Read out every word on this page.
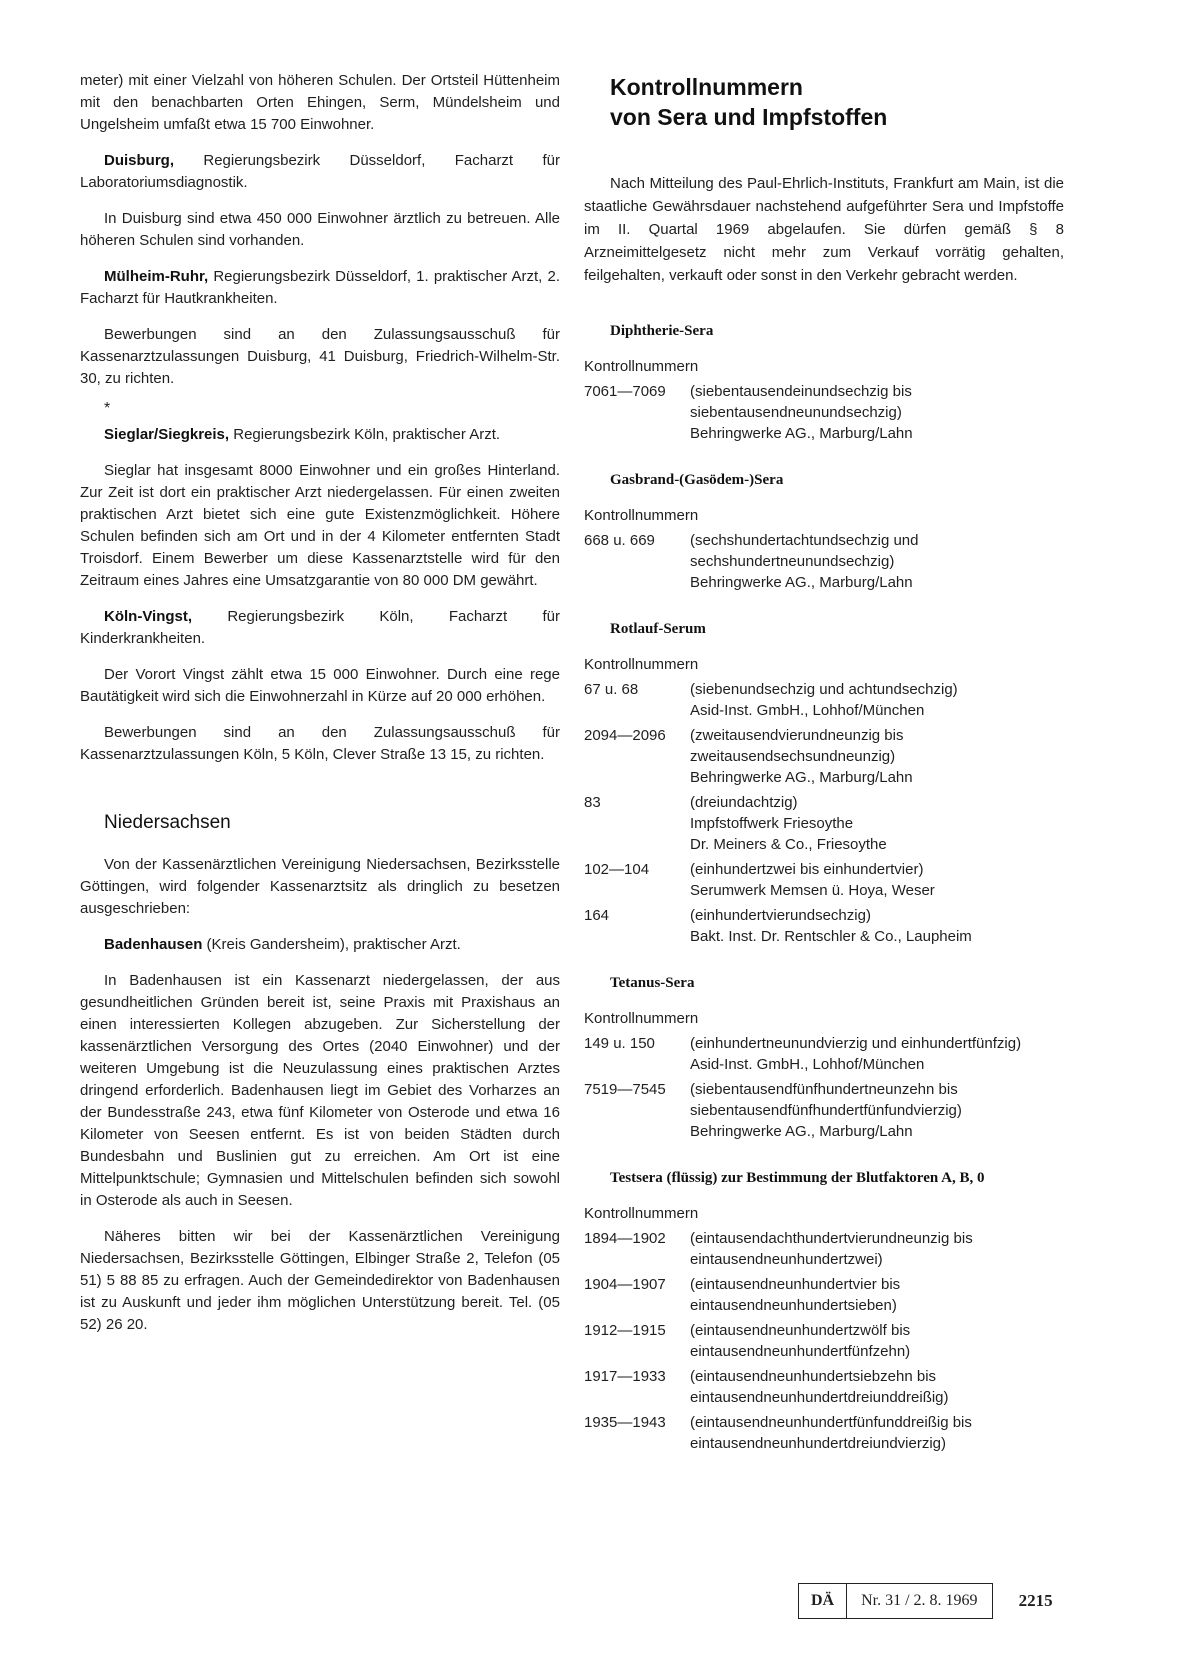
meter) mit einer Vielzahl von höheren Schulen. Der Ortsteil Hüttenheim mit den benachbarten Orten Ehingen, Serm, Mündelsheim und Ungelsheim umfaßt etwa 15 700 Einwohner.

Duisburg, Regierungsbezirk Düsseldorf, Facharzt für Laboratoriumsdiagnostik.

In Duisburg sind etwa 450 000 Einwohner ärztlich zu betreuen. Alle höheren Schulen sind vorhanden.

Mülheim-Ruhr, Regierungsbezirk Düsseldorf, 1. praktischer Arzt, 2. Facharzt für Hautkrankheiten.

Bewerbungen sind an den Zulassungsausschuß für Kassenarztzulassungen Duisburg, 41 Duisburg, Friedrich-Wilhelm-Str. 30, zu richten.

*

Sieglar/Siegkreis, Regierungsbezirk Köln, praktischer Arzt.

Sieglar hat insgesamt 8000 Einwohner und ein großes Hinterland. Zur Zeit ist dort ein praktischer Arzt niedergelassen. Für einen zweiten praktischen Arzt bietet sich eine gute Existenzmöglichkeit. Höhere Schulen befinden sich am Ort und in der 4 Kilometer entfernten Stadt Troisdorf. Einem Bewerber um diese Kassenarztstelle wird für den Zeitraum eines Jahres eine Umsatzgarantie von 80 000 DM gewährt.

Köln-Vingst, Regierungsbezirk Köln, Facharzt für Kinderkrankheiten.

Der Vorort Vingst zählt etwa 15 000 Einwohner. Durch eine rege Bautätigkeit wird sich die Einwohnerzahl in Kürze auf 20 000 erhöhen.

Bewerbungen sind an den Zulassungsausschuß für Kassenarztzulassungen Köln, 5 Köln, Clever Straße 13 15, zu richten.

Niedersachsen

Von der Kassenärztlichen Vereinigung Niedersachsen, Bezirksstelle Göttingen, wird folgender Kassenarztsitz als dringlich zu besetzen ausgeschrieben:

Badenhausen (Kreis Gandersheim), praktischer Arzt.

In Badenhausen ist ein Kassenarzt niedergelassen, der aus gesundheitlichen Gründen bereit ist, seine Praxis mit Praxishaus an einen interessierten Kollegen abzugeben. Zur Sicherstellung der kassenärztlichen Versorgung des Ortes (2040 Einwohner) und der weiteren Umgebung ist die Neuzulassung eines praktischen Arztes dringend erforderlich. Badenhausen liegt im Gebiet des Vorharzes an der Bundesstraße 243, etwa fünf Kilometer von Osterode und etwa 16 Kilometer von Seesen entfernt. Es ist von beiden Städten durch Bundesbahn und Buslinien gut zu erreichen. Am Ort ist eine Mittelpunktschule; Gymnasien und Mittelschulen befinden sich sowohl in Osterode als auch in Seesen.

Näheres bitten wir bei der Kassenärztlichen Vereinigung Niedersachsen, Bezirksstelle Göttingen, Elbinger Straße 2, Telefon (05 51) 5 88 85 zu erfragen. Auch der Gemeindedirektor von Badenhausen ist zu Auskunft und jeder ihm möglichen Unterstützung bereit. Tel. (05 52) 26 20.

Kontrollnummern
von Sera und Impfstoffen

Nach Mitteilung des Paul-Ehrlich-Instituts, Frankfurt am Main, ist die staatliche Gewährsdauer nachstehend aufgeführter Sera und Impfstoffe im II. Quartal 1969 abgelaufen. Sie dürfen gemäß § 8 Arzneimittelgesetz nicht mehr zum Verkauf vorrätig gehalten, feilgehalten, verkauft oder sonst in den Verkehr gebracht werden.

Diphtherie-Sera
Kontrollnummern
7061—7069	(siebentausendeinundsechzig bis siebentausendneunundsechzig)
Behringwerke AG., Marburg/Lahn
Gasbrand-(Gasödem-)Sera
Kontrollnummern
668 u. 669	(sechshundertachtundsechzig und sechshundertneunundsechzig)
Behringwerke AG., Marburg/Lahn
Rotlauf-Serum
Kontrollnummern
67 u. 68	(siebenundsechzig und achtundsechzig)
Asid-Inst. GmbH., Lohhof/München
2094—2096	(zweitausendvierundneunzig bis zweitausendsechsundneunzig)
Behringwerke AG., Marburg/Lahn
83	(dreiundachtzig)
Impfstoffwerk Friesoythe
Dr. Meiners & Co., Friesoythe
102—104	(einhundertzwei bis einhundertvier)
Serumwerk Memsen ü. Hoya, Weser
164	(einhundertvierundsechzig)
Bakt. Inst. Dr. Rentschler & Co., Laupheim
Tetanus-Sera
Kontrollnummern
149 u. 150	(einhundertneunundvierzig und einhundertfünfzig)
Asid-Inst. GmbH., Lohhof/München
7519—7545	(siebentausendfünfhundertneunzehn bis siebentausendfünfhundertfünfundvierzig)
Behringwerke AG., Marburg/Lahn
Testsera (flüssig) zur Bestimmung der Blutfaktoren A, B, 0
Kontrollnummern
1894—1902	(eintausendachthundertvierundneunzig bis eintausendneunhundertzwei)
1904—1907	(eintausendneunhundertvier bis eintausendneunhundertsieben)
1912—1915	(eintausendneunhundertzwölf bis eintausendneunhundertfünfzehn)
1917—1933	(eintausendneunhundertsiebzehn bis eintausendneunhundertdreiunddreißig)
1935—1943	(eintausendneunhundertfünfunddreißig bis eintausendneunhundertdreiundvierzig)
DÄ	Nr. 31 / 2. 8. 1969	2215
